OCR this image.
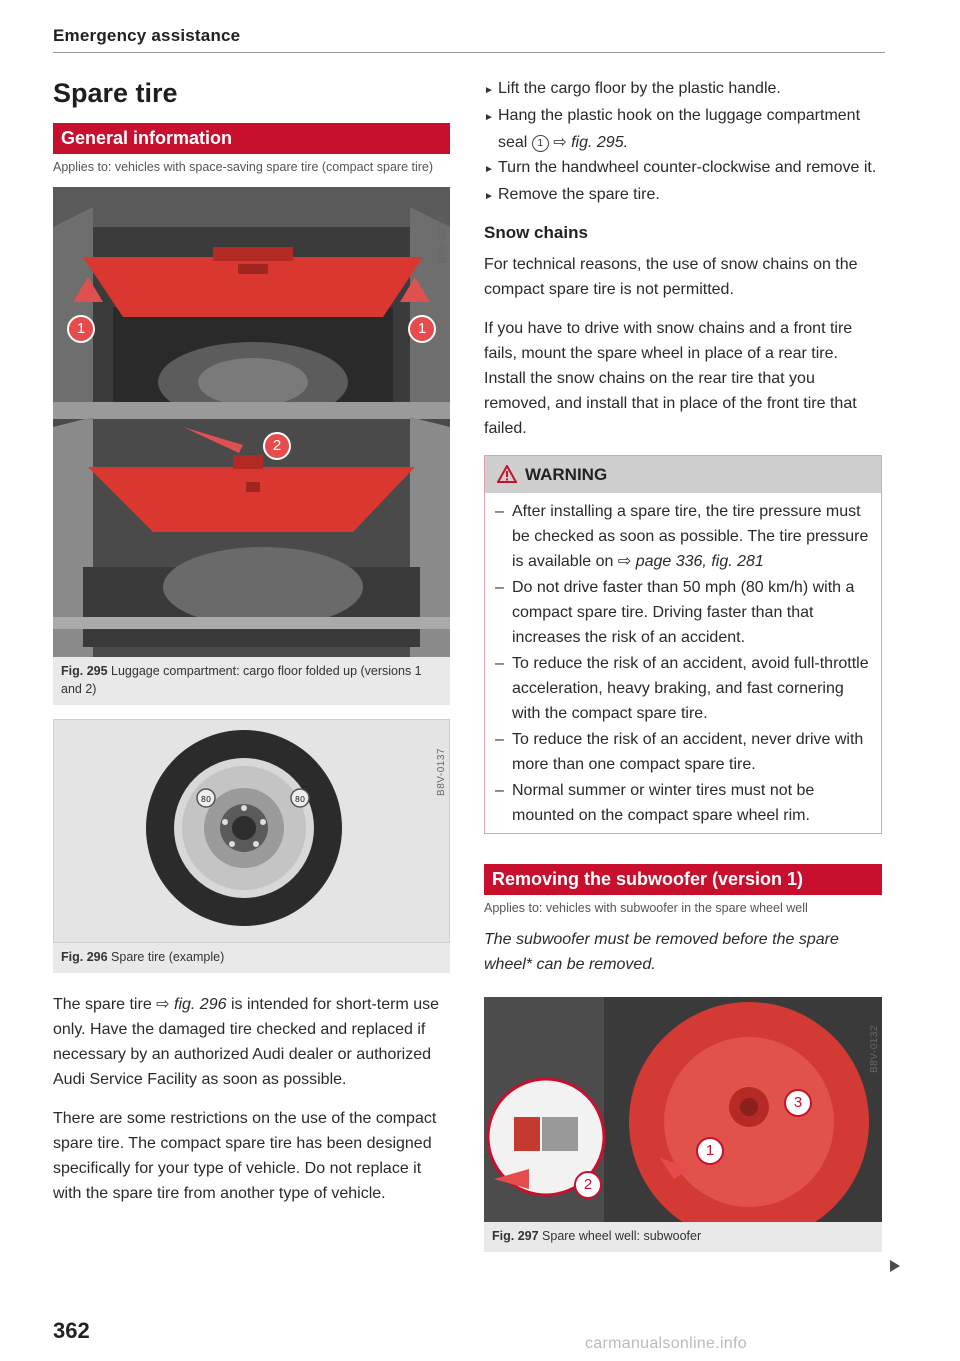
Emergency assistance
Spare tire
General information
Applies to: vehicles with space-saving spare tire (compact spare tire)
B8V-0237
1	1
2
Fig. 295 Luggage compartment: cargo floor folded up (versions 1 and 2)
80	80
B8V-0137
Fig. 296 Spare tire (example)

The spare tire ⇨ fig. 296 is intended for short-term use only. Have the damaged tire checked and replaced if necessary by an authorized Audi dealer or authorized Audi Service Facility as soon as possible.

There are some restrictions on the use of the compact spare tire. The compact spare tire has been designed specifically for your type of vehicle. Do not replace it with the spare tire from another type of vehicle.

► Lift the cargo floor by the plastic handle.
► Hang the plastic hook on the luggage compartment seal 1 ⇨ fig. 295.
► Turn the handwheel counter-clockwise and remove it.
► Remove the spare tire.
Snow chains

For technical reasons, the use of snow chains on the compact spare tire is not permitted.

If you have to drive with snow chains and a front tire fails, mount the spare wheel in place of a rear tire. Install the snow chains on the rear tire that you removed, and install that in place of the front tire that failed.

WARNING
– After installing a spare tire, the tire pressure must be checked as soon as possible. The tire pressure is available on ⇨ page 336, fig. 281
– Do not drive faster than 50 mph (80 km/h) with a compact spare tire. Driving faster than that increases the risk of an accident.
– To reduce the risk of an accident, avoid full-throttle acceleration, heavy braking, and fast cornering with the compact spare tire.
– To reduce the risk of an accident, never drive with more than one compact spare tire.
– Normal summer or winter tires must not be mounted on the compact spare wheel rim.
Removing the subwoofer (version 1)
Applies to: vehicles with subwoofer in the spare wheel well
The subwoofer must be removed before the spare wheel* can be removed.
B8V-0132
3
1
2
Fig. 297 Spare wheel well: subwoofer
362
carmanualsonline.info
